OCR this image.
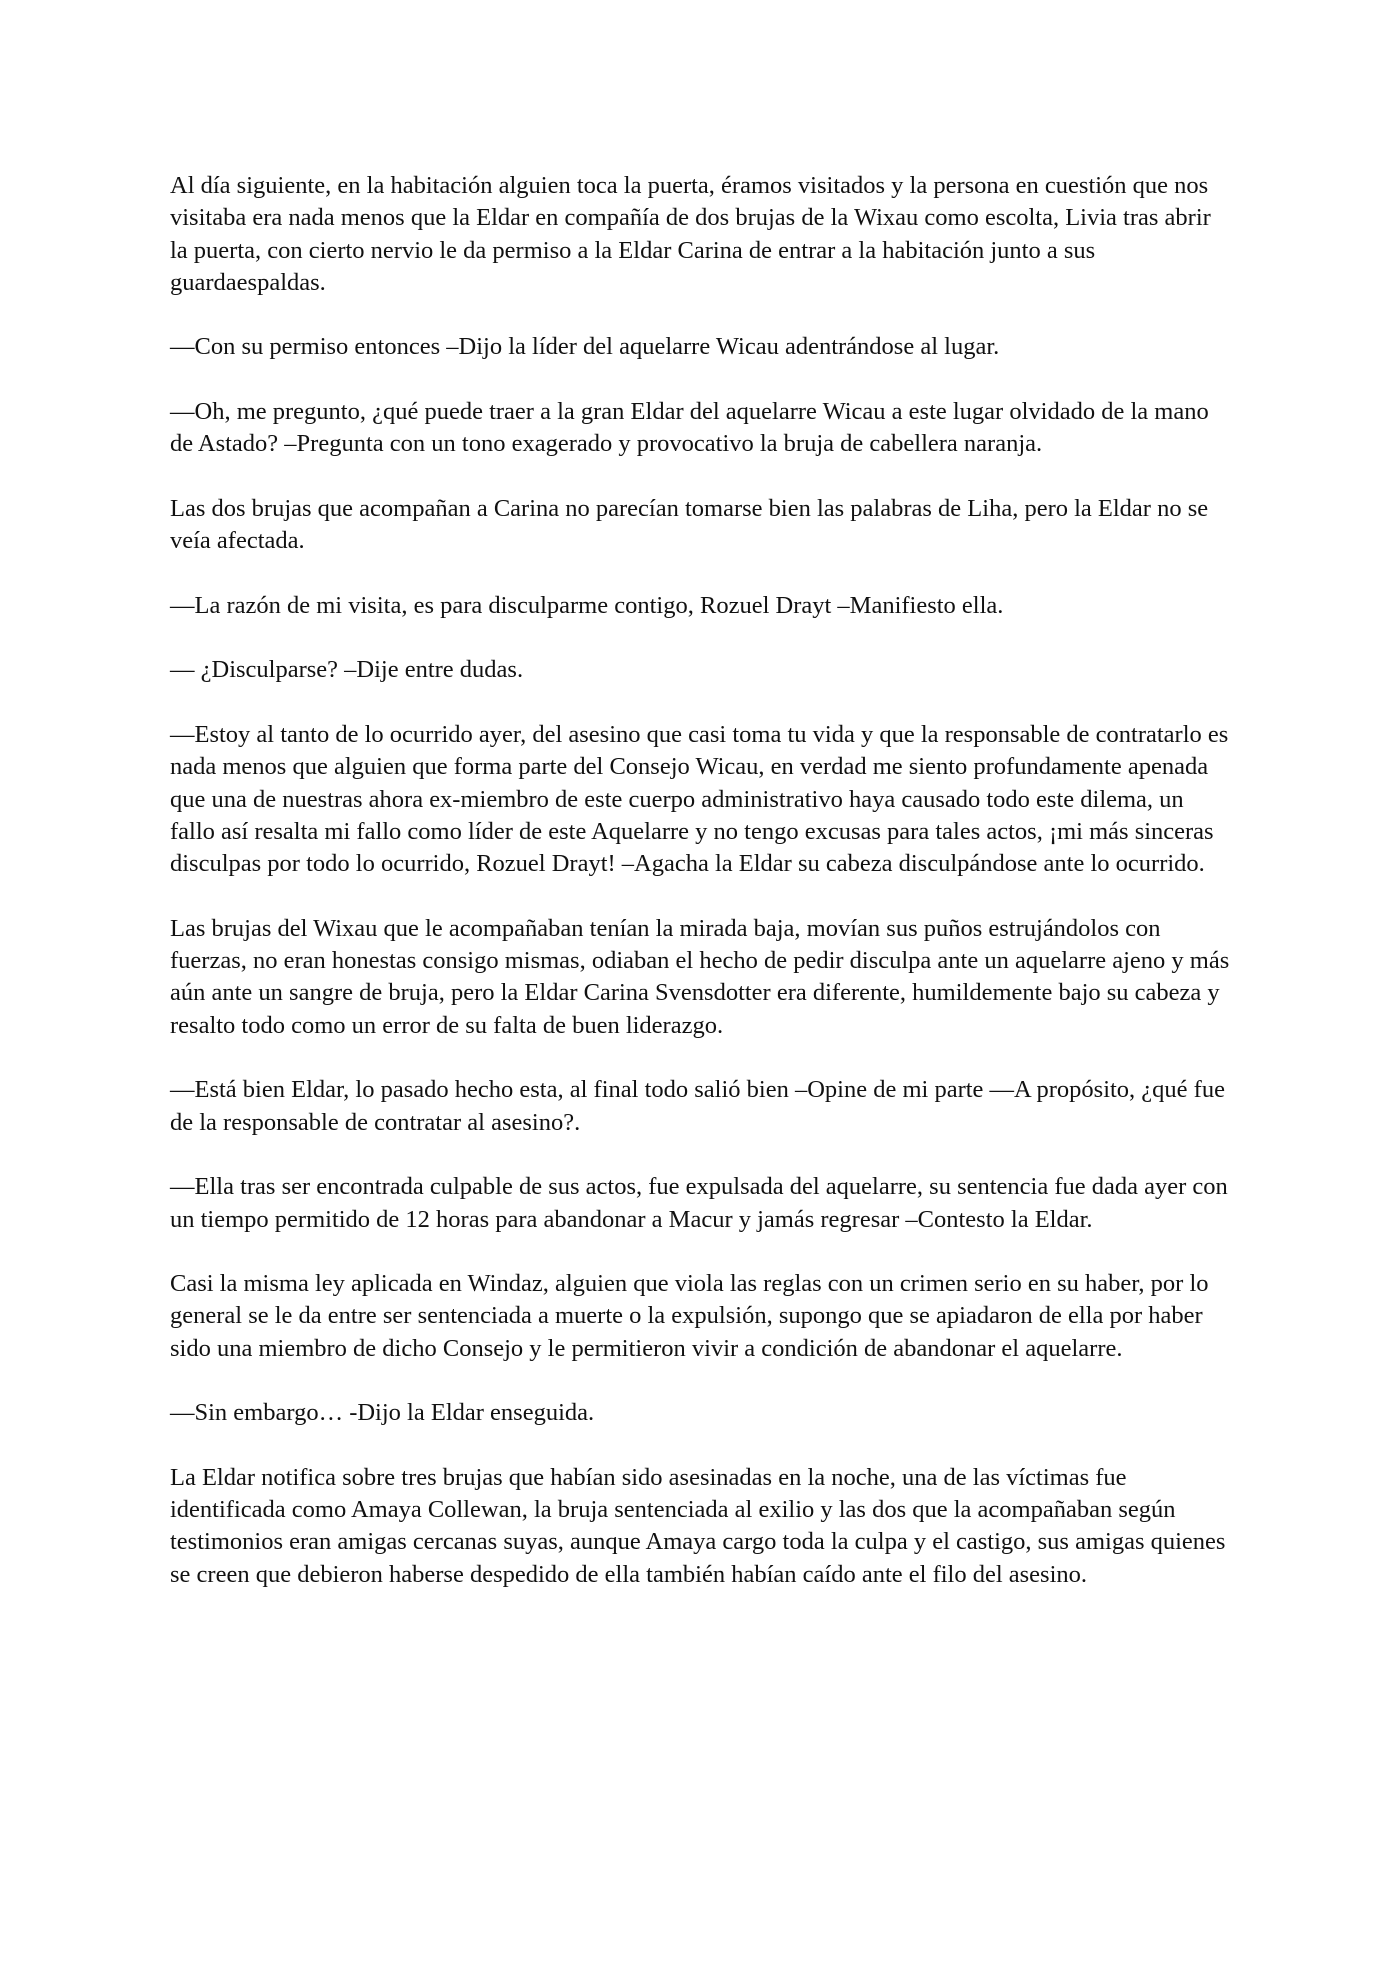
Al día siguiente, en la habitación alguien toca la puerta, éramos visitados y la persona en cuestión que nos visitaba era nada menos que la Eldar en compañía de dos brujas de la Wixau como escolta, Livia tras abrir la puerta, con cierto nervio le da permiso a la Eldar Carina de entrar a la habitación junto a sus guardaespaldas.

—Con su permiso entonces –Dijo la líder del aquelarre Wicau adentrándose al lugar.

—Oh, me pregunto, ¿qué puede traer a la gran Eldar del aquelarre Wicau a este lugar olvidado de la mano de Astado? –Pregunta con un tono exagerado y provocativo la bruja de cabellera naranja.

Las dos brujas que acompañan a Carina no parecían tomarse bien las palabras de Liha, pero la Eldar no se veía afectada.

—La razón de mi visita, es para disculparme contigo, Rozuel Drayt –Manifiesto ella.

— ¿Disculparse? –Dije entre dudas.

—Estoy al tanto de lo ocurrido ayer, del asesino que casi toma tu vida y que la responsable de contratarlo es nada menos que alguien que forma parte del Consejo Wicau, en verdad me siento profundamente apenada que una de nuestras ahora ex-miembro de este cuerpo administrativo haya causado todo este dilema, un fallo así resalta mi fallo como líder de este Aquelarre y no tengo excusas para tales actos, ¡mi más sinceras disculpas por todo lo ocurrido, Rozuel Drayt! –Agacha la Eldar su cabeza disculpándose ante lo ocurrido.

Las brujas del Wixau que le acompañaban tenían la mirada baja, movían sus puños estrujándolos con fuerzas, no eran honestas consigo mismas, odiaban el hecho de pedir disculpa ante un aquelarre ajeno y más aún ante un sangre de bruja, pero la Eldar Carina Svensdotter era diferente, humildemente bajo su cabeza y resalto todo como un error de su falta de buen liderazgo.

—Está bien Eldar, lo pasado hecho esta, al final todo salió bien –Opine de mi parte —A propósito, ¿qué fue de la responsable de contratar al asesino?.

—Ella tras ser encontrada culpable de sus actos, fue expulsada del aquelarre, su sentencia fue dada ayer con un tiempo permitido de 12 horas para abandonar a Macur y jamás regresar –Contesto la Eldar.

Casi la misma ley aplicada en Windaz, alguien que viola las reglas con un crimen serio en su haber, por lo general se le da entre ser sentenciada a muerte o la expulsión, supongo que se apiadaron de ella por haber sido una miembro de dicho Consejo y le permitieron vivir a condición de abandonar el aquelarre.

—Sin embargo… -Dijo la Eldar enseguida.

La Eldar notifica sobre tres brujas que habían sido asesinadas en la noche, una de las víctimas fue identificada como Amaya Collewan, la bruja sentenciada al exilio y las dos que la acompañaban según testimonios eran amigas cercanas suyas, aunque Amaya cargo toda la culpa y el castigo, sus amigas quienes se creen que debieron haberse despedido de ella también habían caído ante el filo del asesino.
